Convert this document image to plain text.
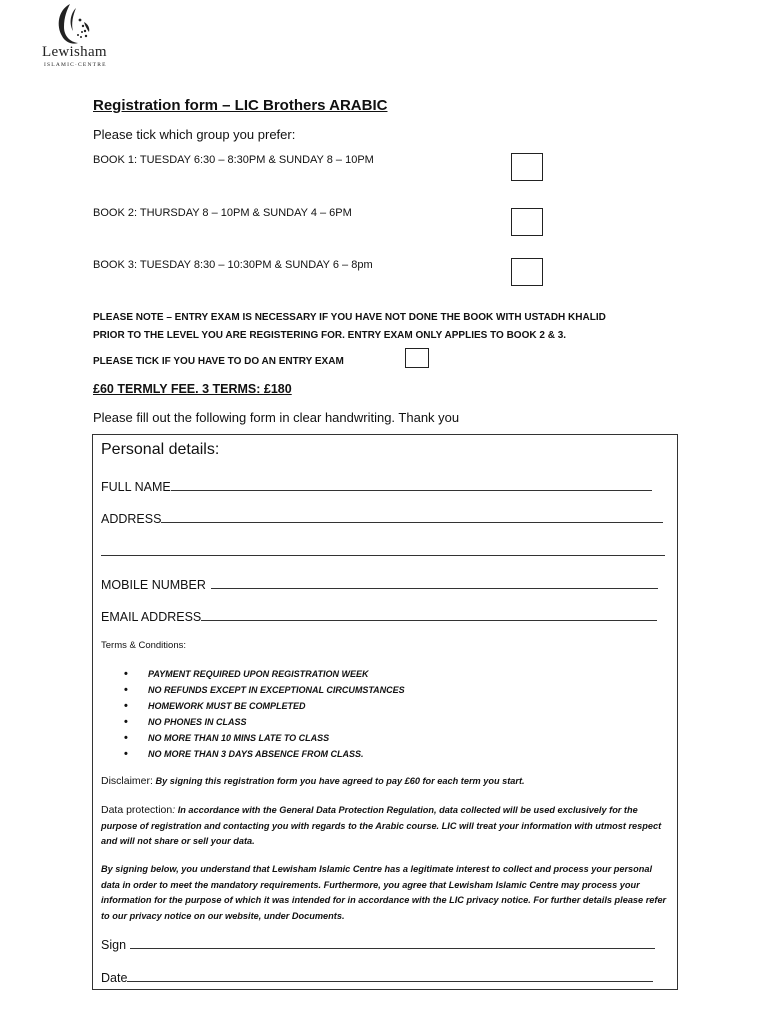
Lewisham
ISLAMIC·CENTRE
Registration form – LIC Brothers ARABIC
Please tick which group you prefer:
BOOK 1: TUESDAY 6:30 – 8:30PM & SUNDAY 8 – 10PM
BOOK 2: THURSDAY 8 – 10PM & SUNDAY 4 – 6PM
BOOK 3: TUESDAY 8:30 – 10:30PM & SUNDAY 6 – 8pm
PLEASE NOTE – ENTRY EXAM IS NECESSARY IF YOU HAVE NOT DONE THE BOOK WITH USTADH KHALID
PRIOR TO THE LEVEL YOU ARE REGISTERING FOR. ENTRY EXAM ONLY APPLIES TO BOOK 2 & 3.
PLEASE TICK IF YOU HAVE TO DO AN ENTRY EXAM
£60 TERMLY FEE. 3 TERMS: £180
Please fill out the following form in clear handwriting. Thank you
Personal details:
FULL NAME
ADDRESS
MOBILE NUMBER
EMAIL ADDRESS
Terms & Conditions:
• PAYMENT REQUIRED UPON REGISTRATION WEEK
• NO REFUNDS EXCEPT IN EXCEPTIONAL CIRCUMSTANCES
• HOMEWORK MUST BE COMPLETED
• NO PHONES IN CLASS
• NO MORE THAN 10 MINS LATE TO CLASS
• NO MORE THAN 3 DAYS ABSENCE FROM CLASS.
Disclaimer: By signing this registration form you have agreed to pay £60 for each term you start.
Data protection: In accordance with the General Data Protection Regulation, data collected will be used exclusively for the purpose of registration and contacting you with regards to the Arabic course. LIC will treat your information with utmost respect and will not share or sell your data.
By signing below, you understand that Lewisham Islamic Centre has a legitimate interest to collect and process your personal data in order to meet the mandatory requirements. Furthermore, you agree that Lewisham Islamic Centre may process your information for the purpose of which it was intended for in accordance with the LIC privacy notice. For further details please refer to our privacy notice on our website, under Documents.
Sign
Date
